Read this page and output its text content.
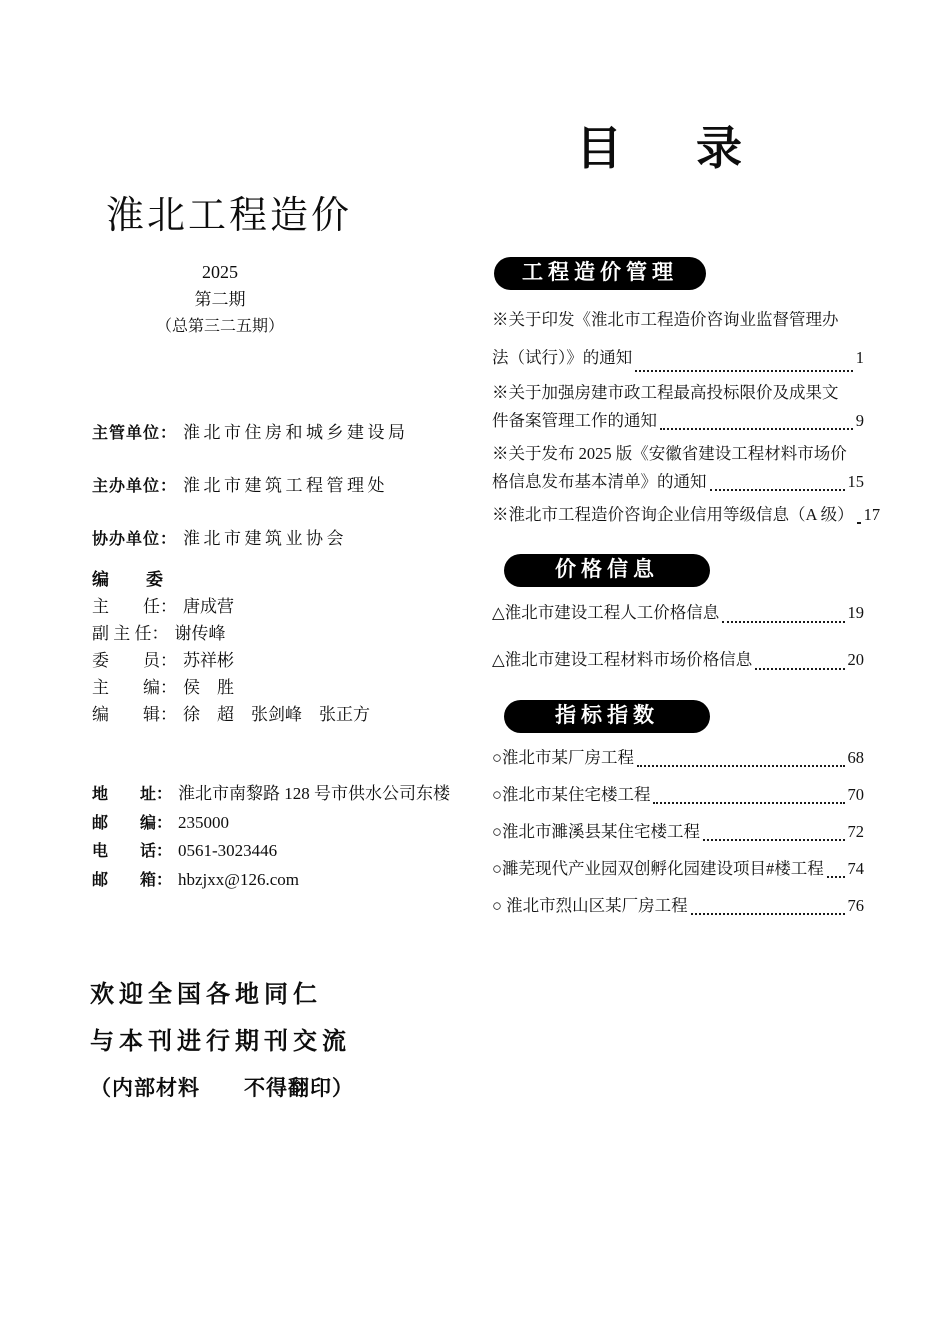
淮北工程造价
2025
第二期
（总第三二五期）
主管单位： 淮北市住房和城乡建设局
主办单位： 淮北市建筑工程管理处
协办单位： 淮北市建筑业协会
编　　委
主　　任： 唐成营
副 主 任： 谢传峰
委　　员： 苏祥彬
主　　编： 侯　胜
编　　辑： 徐　超　张剑峰　张正方
地　　址： 淮北市南黎路 128 号市供水公司东楼
邮　　编： 235000
电　　话： 0561-3023446
邮　　箱： hbzjxx@126.com
欢迎全国各地同仁
与本刊进行期刊交流
（内部材料　　不得翻印）
目　录
工程造价管理
※关于印发《淮北市工程造价咨询业监督管理办
法（试行）》的通知	1
※关于加强房建市政工程最高投标限价及成果文
件备案管理工作的通知	9
※关于发布 2025 版《安徽省建设工程材料市场价
格信息发布基本清单》的通知	15
※淮北市工程造价咨询企业信用等级信息（A 级） 17
价格信息
△淮北市建设工程人工价格信息	19
△淮北市建设工程材料市场价格信息	20
指标指数
○淮北市某厂房工程	68
○淮北市某住宅楼工程	70
○淮北市濉溪县某住宅楼工程	72
○濉芜现代产业园双创孵化园建设项目#楼工程 74
○ 淮北市烈山区某厂房工程	76
